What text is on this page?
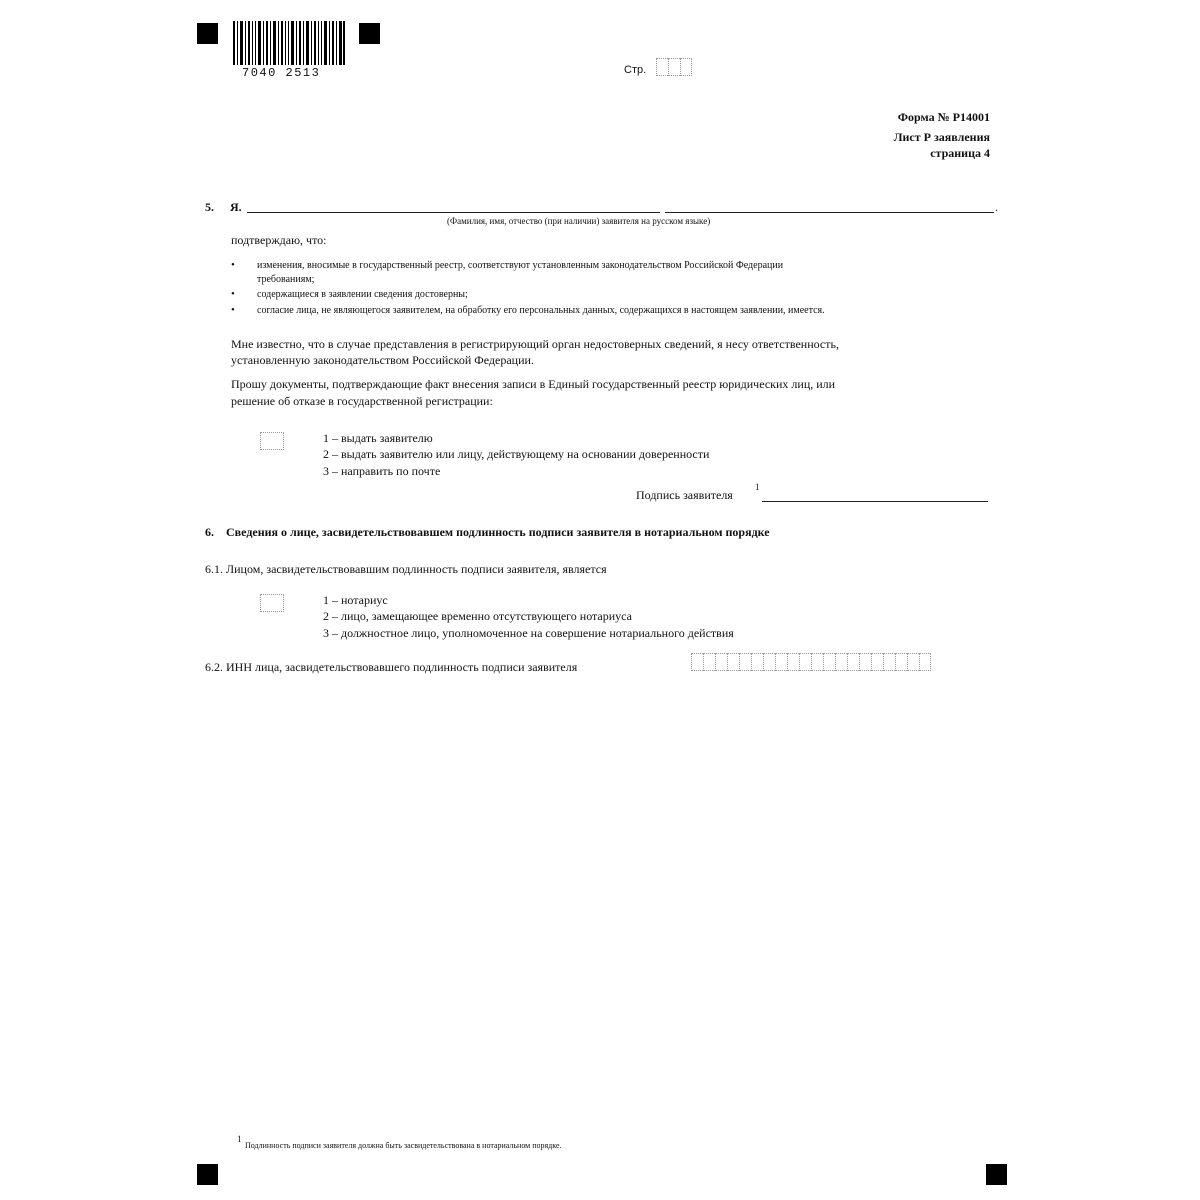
7040 2513	Стр.
Форма № Р14001
Лист Р заявления
страница 4
5. Я.	.
(Фамилия, имя, отчество (при наличии) заявителя на русском языке)
подтверждаю, что:
• изменения, вносимые в государственный реестр, соответствуют установленным законодательством Российской Федерации
требованиям;
• содержащиеся в заявлении сведения достоверны;
• согласие лица, не являющегося заявителем, на обработку его персональных данных, содержащихся в настоящем заявлении, имеется.
Мне известно, что в случае представления в регистрирующий орган недостоверных сведений, я несу ответственность,
установленную законодательством Российской Федерации.
Прошу документы, подтверждающие факт внесения записи в Единый государственный реестр юридических лиц, или
решение об отказе в государственной регистрации:
1 – выдать заявителю
2 – выдать заявителю или лицу, действующему на основании доверенности
3 – направить по почте
Подпись заявителя
1
6.    Сведения о лице, засвидетельствовавшем подлинность подписи заявителя в нотариальном порядке
6.1. Лицом, засвидетельствовавшим подлинность подписи заявителя, является
1 – нотариус
2 – лицо, замещающее временно отсутствующего нотариуса
3 – должностное лицо, уполномоченное на совершение нотариального действия
6.2. ИНН лица, засвидетельствовавшего подлинность подписи заявителя
1
Подлинность подписи заявителя должна быть засвидетельствована в нотариальном порядке.
